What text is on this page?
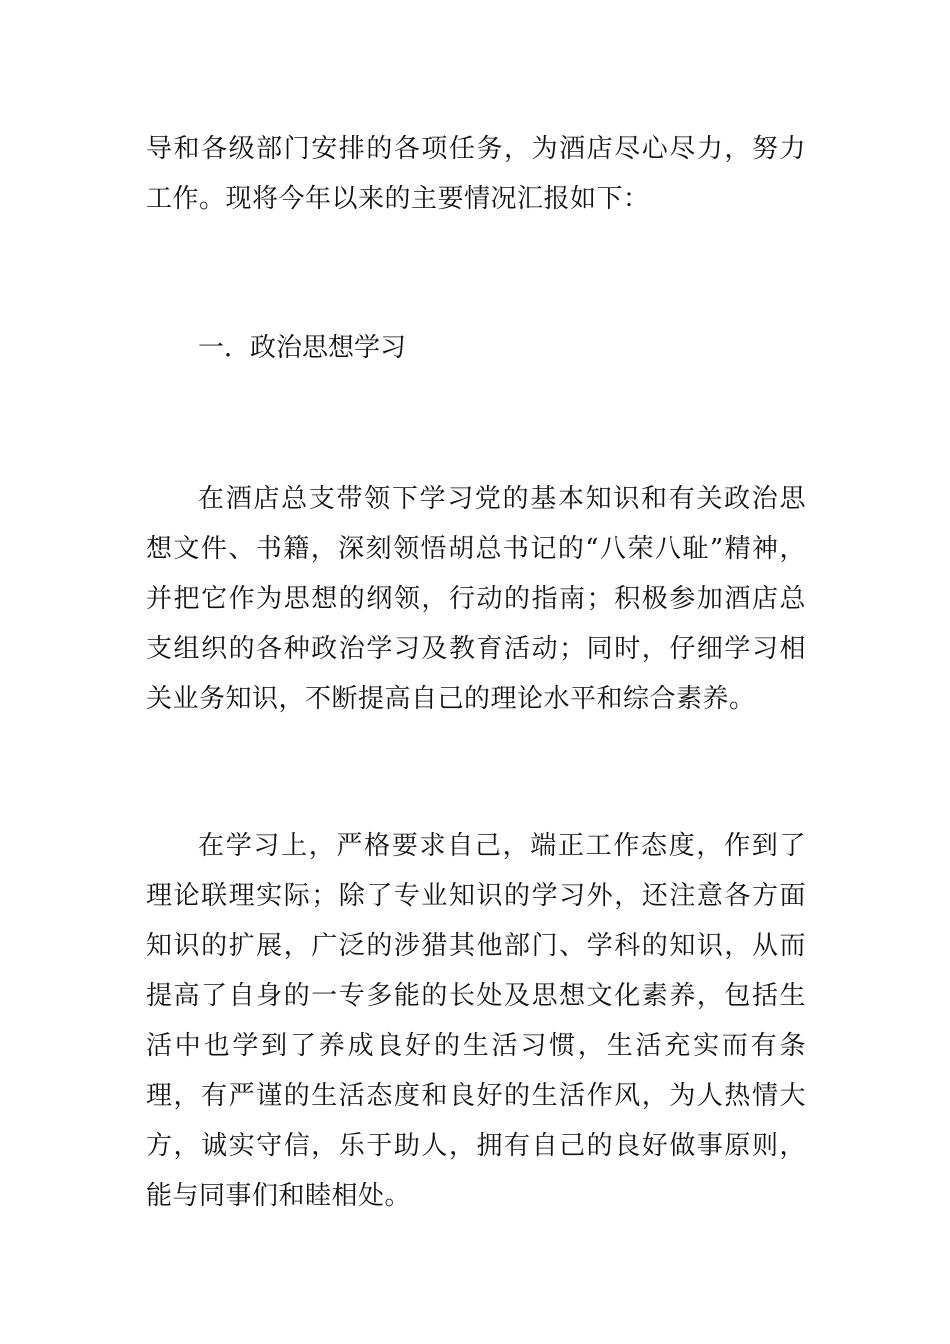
导和各级部门安排的各项任务，为酒店尽心尽力，努力工作。现将今年以来的主要情况汇报如下：

一．政治思想学习

在酒店总支带领下学习党的基本知识和有关政治思想文件、书籍，深刻领悟胡总书记的“八荣八耻”精神，并把它作为思想的纲领，行动的指南；积极参加酒店总支组织的各种政治学习及教育活动；同时，仔细学习相关业务知识，不断提高自己的理论水平和综合素养。

在学习上，严格要求自己，端正工作态度，作到了理论联理实际；除了专业知识的学习外，还注意各方面知识的扩展，广泛的涉猎其他部门、学科的知识，从而提高了自身的一专多能的长处及思想文化素养，包括生活中也学到了养成良好的生活习惯，生活充实而有条理，有严谨的生活态度和良好的生活作风，为人热情大方，诚实守信，乐于助人，拥有自己的良好做事原则，能与同事们和睦相处。
